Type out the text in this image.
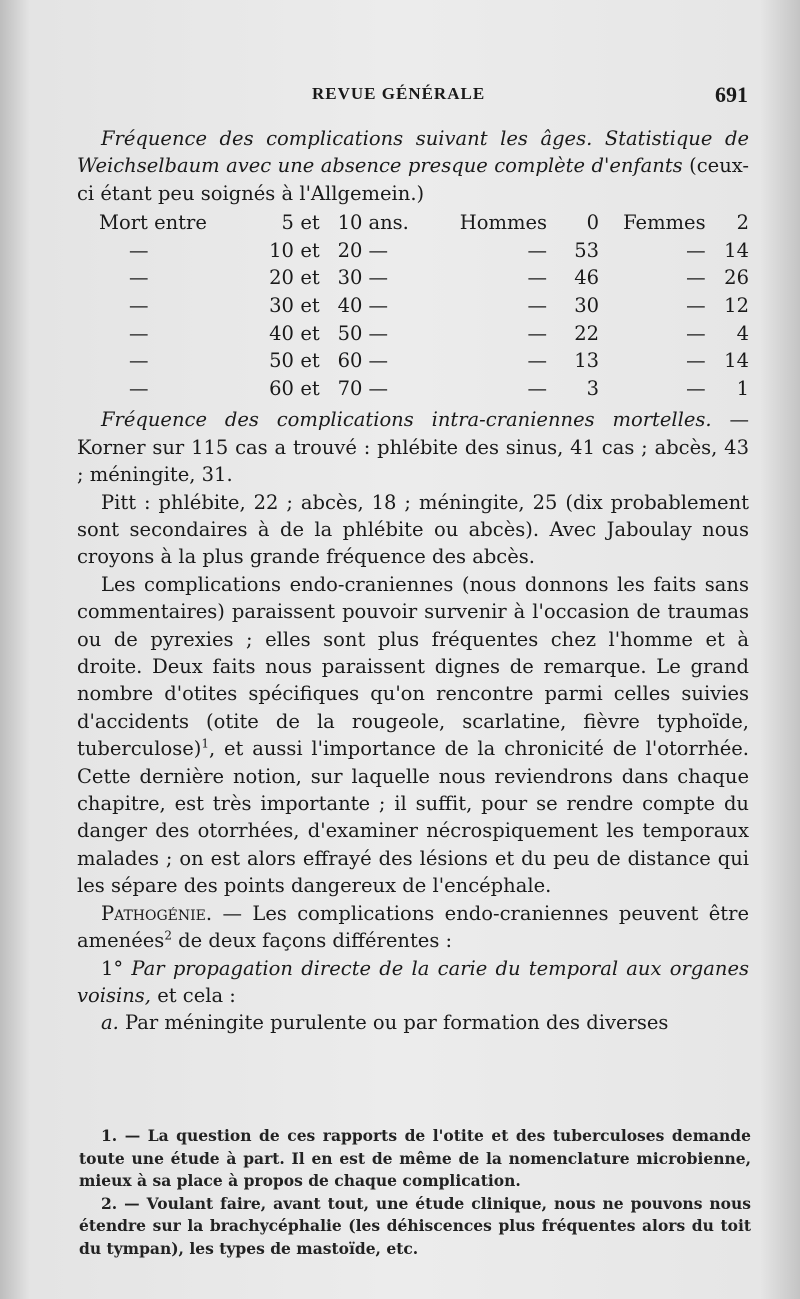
REVUE GÉNÉRALE	691

Fréquence des complications suivant les âges. Statistique de Weichselbaum avec une absence presque complète d'enfants (ceux-ci étant peu soignés à l'Allgemein.)

Mort entre	5	et	10	ans.	Hommes	0	Femmes	2
—	10	et	20	—	—	53	—	14
—	20	et	30	—	—	46	—	26
—	30	et	40	—	—	30	—	12
—	40	et	50	—	—	22	—	4
—	50	et	60	—	—	13	—	14
—	60	et	70	—	—	3	—	1

Fréquence des complications intra-craniennes mortelles. — Korner sur 115 cas a trouvé : phlébite des sinus, 41 cas ; abcès, 43 ; méningite, 31.

Pitt : phlébite, 22 ; abcès, 18 ; méningite, 25 (dix probablement sont secondaires à de la phlébite ou abcès). Avec Jaboulay nous croyons à la plus grande fréquence des abcès.

Les complications endo-craniennes (nous donnons les faits sans commentaires) paraissent pouvoir survenir à l'occasion de traumas ou de pyrexies ; elles sont plus fréquentes chez l'homme et à droite. Deux faits nous paraissent dignes de remarque. Le grand nombre d'otites spécifiques qu'on rencontre parmi celles suivies d'accidents (otite de la rougeole, scarlatine, fièvre typhoïde, tuberculose)$^1$, et aussi l'importance de la chronicité de l'otorrhée. Cette dernière notion, sur laquelle nous reviendrons dans chaque chapitre, est très importante ; il suffit, pour se rendre compte du danger des otorrhées, d'examiner nécrospiquement les temporaux malades ; on est alors effrayé des lésions et du peu de distance qui les sépare des points dangereux de l'encéphale.

Pathogénie. — Les complications endo-craniennes peuvent être amenées$^2$ de deux façons différentes :

1° Par propagation directe de la carie du temporal aux organes voisins, et cela :

a. Par méningite purulente ou par formation des diverses

1. — La question de ces rapports de l'otite et des tuberculoses demande toute une étude à part. Il en est de même de la nomenclature microbienne, mieux à sa place à propos de chaque complication.

2. — Voulant faire, avant tout, une étude clinique, nous ne pouvons nous étendre sur la brachycéphalie (les déhiscences plus fréquentes alors du toit du tympan), les types de mastoïde, etc.
